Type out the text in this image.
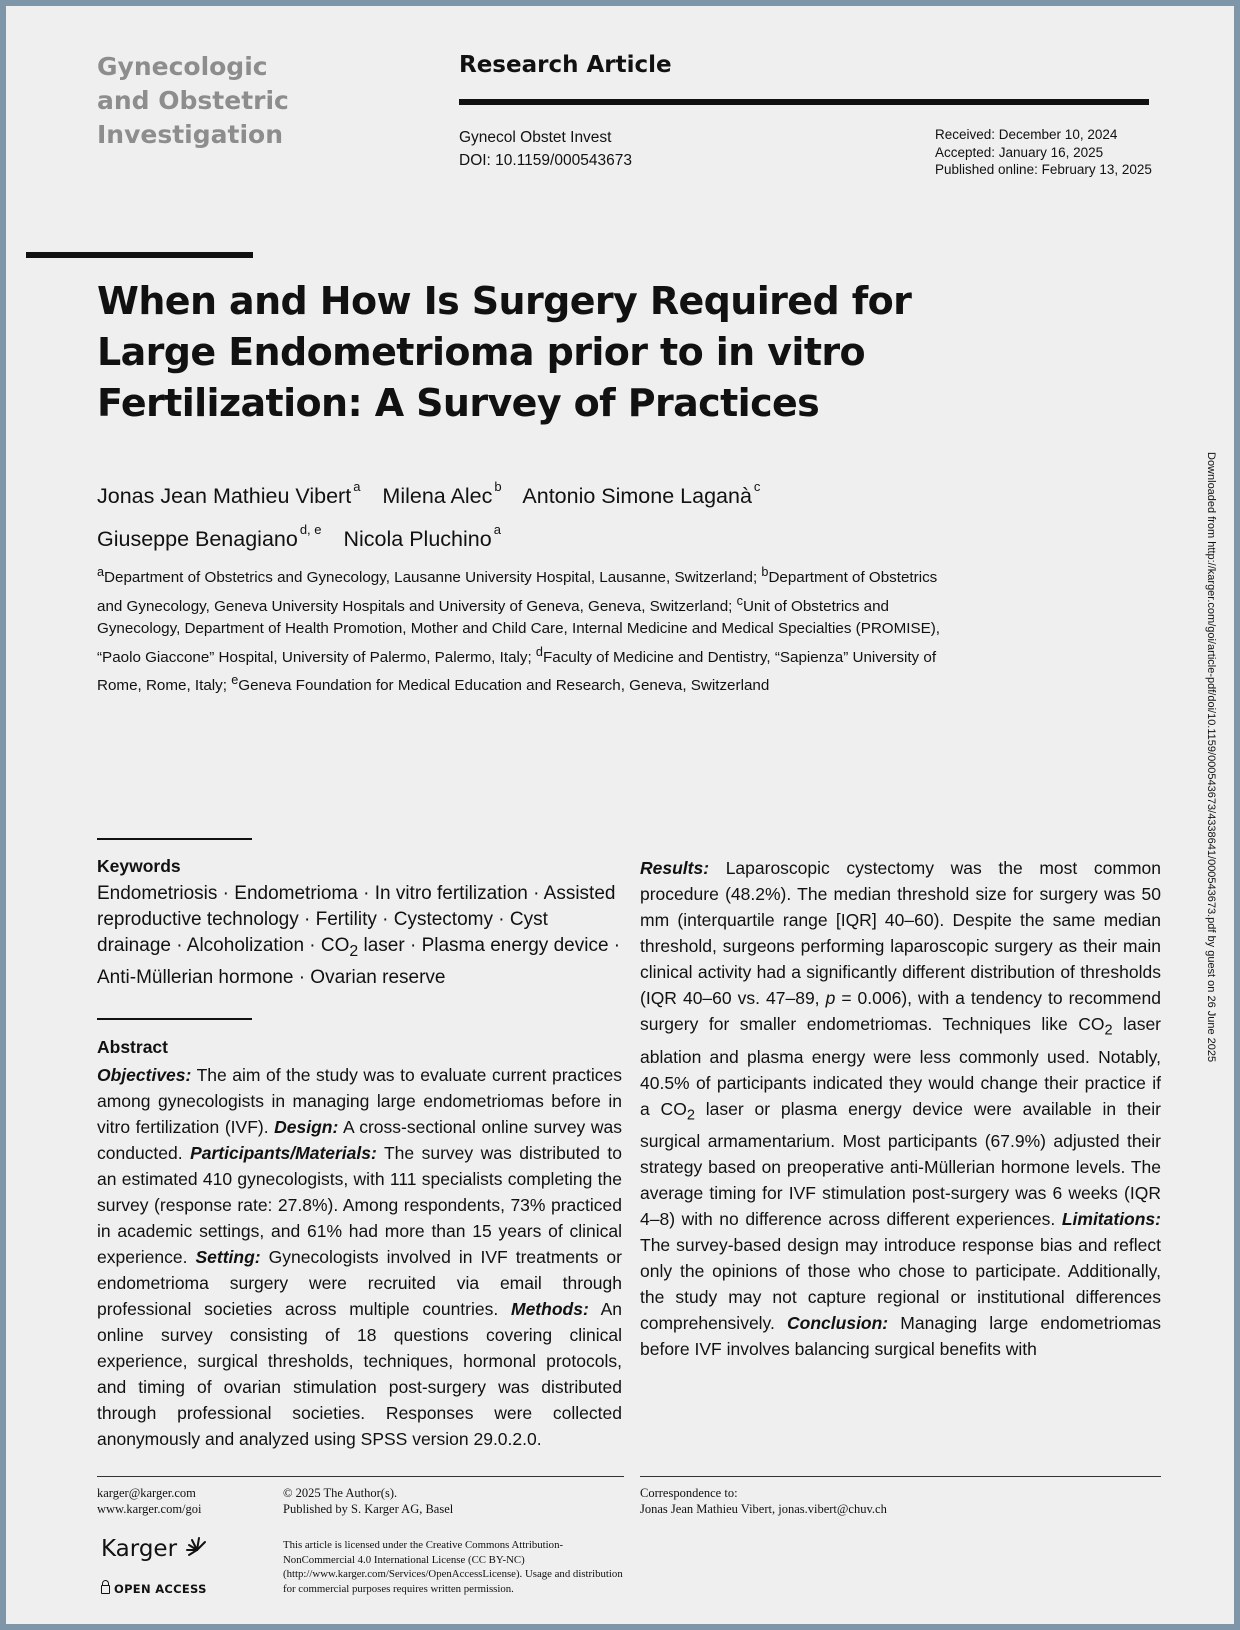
Gynecologic
and Obstetric
Investigation
Research Article
Gynecol Obstet Invest
DOI: 10.1159/000543673
Received: December 10, 2024
Accepted: January 16, 2025
Published online: February 13, 2025
When and How Is Surgery Required for Large Endometrioma prior to in vitro Fertilization: A Survey of Practices
Jonas Jean Mathieu Vibert $^a$ Milena Alec $^b$ Antonio Simone Laganà $^c$
Giuseppe Benagiano $^{d, e}$ Nicola Pluchino $^a$
$^a$Department of Obstetrics and Gynecology, Lausanne University Hospital, Lausanne, Switzerland; $^b$Department of Obstetrics and Gynecology, Geneva University Hospitals and University of Geneva, Geneva, Switzerland; $^c$Unit of Obstetrics and Gynecology, Department of Health Promotion, Mother and Child Care, Internal Medicine and Medical Specialties (PROMISE), “Paolo Giaccone” Hospital, University of Palermo, Palermo, Italy; $^d$Faculty of Medicine and Dentistry, “Sapienza” University of Rome, Rome, Italy; $^e$Geneva Foundation for Medical Education and Research, Geneva, Switzerland	Downloaded from http://karger.com/goi/article-pdf/doi/10.1159/000543673/4338641/000543673.pdf by guest on 26 June 2025
Keywords
Endometriosis · Endometrioma · In vitro fertilization · Assisted reproductive technology · Fertility · Cystectomy · Cyst drainage · Alcoholization · $CO_2$ laser · Plasma energy device · Anti-Müllerian hormone · Ovarian reserve
Abstract
Objectives: The aim of the study was to evaluate current practices among gynecologists in managing large endometriomas before in vitro fertilization (IVF). Design: A cross-sectional online survey was conducted. Participants/Materials: The survey was distributed to an estimated 410 gynecologists, with 111 specialists completing the survey (response rate: 27.8%). Among respondents, 73% practiced in academic settings, and 61% had more than 15 years of clinical experience. Setting: Gynecologists involved in IVF treatments or endometrioma surgery were recruited via email through professional societies across multiple countries. Methods: An online survey consisting of 18 questions covering clinical experience, surgical thresholds, techniques, hormonal protocols, and timing of ovarian stimulation post-surgery was distributed through professional societies. Responses were collected anonymously and analyzed using SPSS version 29.0.2.0.
Results: Laparoscopic cystectomy was the most common procedure (48.2%). The median threshold size for surgery was 50 mm (interquartile range [IQR] 40–60). Despite the same median threshold, surgeons performing laparoscopic surgery as their main clinical activity had a significantly different distribution of thresholds (IQR 40–60 vs. 47–89, p = 0.006), with a tendency to recommend surgery for smaller endometriomas. Techniques like $CO_2$ laser ablation and plasma energy were less commonly used. Notably, 40.5% of participants indicated they would change their practice if a $CO_2$ laser or plasma energy device were available in their surgical armamentarium. Most participants (67.9%) adjusted their strategy based on preoperative anti-Müllerian hormone levels. The average timing for IVF stimulation post-surgery was 6 weeks (IQR 4–8) with no difference across different experiences. Limitations: The survey-based design may introduce response bias and reflect only the opinions of those who chose to participate. Additionally, the study may not capture regional or institutional differences comprehensively. Conclusion: Managing large endometriomas before IVF involves balancing surgical benefits with
karger@karger.com
www.karger.com/goi
© 2025 The Author(s).
Published by S. Karger AG, Basel
This article is licensed under the Creative Commons Attribution-NonCommercial 4.0 International License (CC BY-NC) (http://www.karger.com/Services/OpenAccessLicense). Usage and distribution for commercial purposes requires written permission.
Karger
OPEN ACCESS
Correspondence to:
Jonas Jean Mathieu Vibert, jonas.vibert@chuv.ch
